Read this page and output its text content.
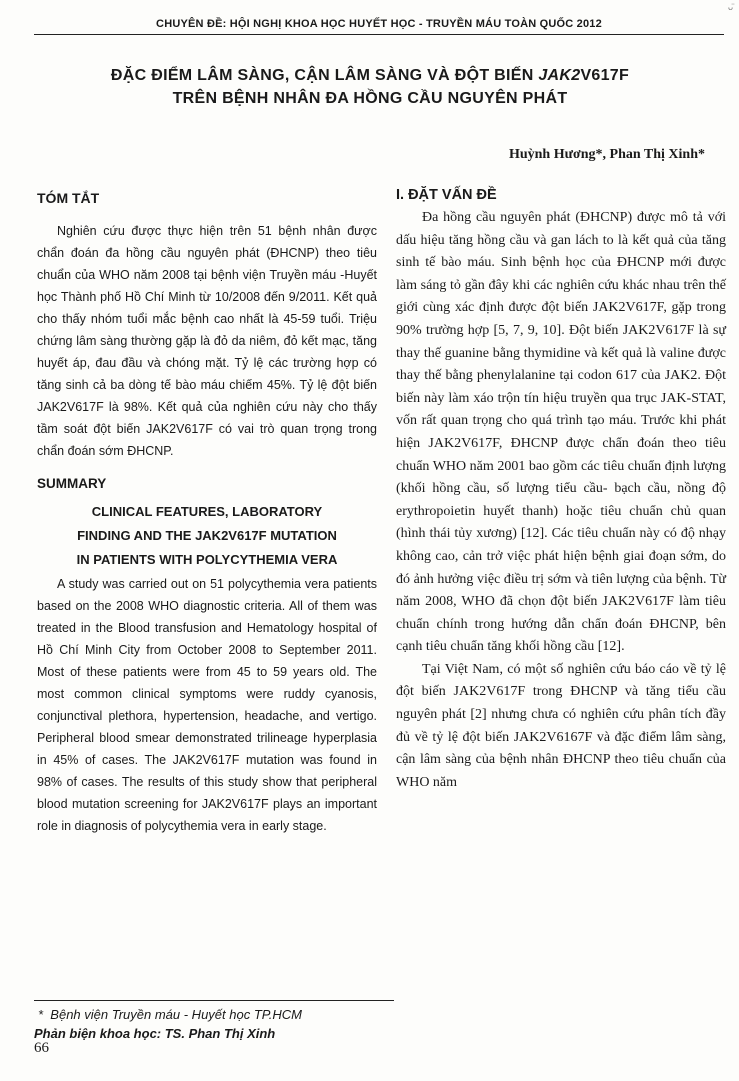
ᴗ̈
CHUYÊN ĐỀ: HỘI NGHỊ KHOA HỌC HUYẾT HỌC - TRUYỀN MÁU TOÀN QUỐC 2012
ĐẶC ĐIỂM LÂM SÀNG, CẬN LÂM SÀNG VÀ ĐỘT BIẾN JAK2V617F
TRÊN BỆNH NHÂN ĐA HỒNG CẦU NGUYÊN PHÁT
Huỳnh Hương*, Phan Thị Xinh*
TÓM TẮT

Nghiên cứu được thực hiện trên 51 bệnh nhân được chẩn đoán đa hồng cầu nguyên phát (ĐHCNP) theo tiêu chuẩn của WHO năm 2008 tại bệnh viện Truyền máu -Huyết học Thành phố Hồ Chí Minh từ 10/2008 đến 9/2011. Kết quả cho thấy nhóm tuổi mắc bệnh cao nhất là 45-59 tuổi. Triệu chứng lâm sàng thường gặp là đỏ da niêm, đỏ kết mạc, tăng huyết áp, đau đầu và chóng mặt. Tỷ lệ các trường hợp có tăng sinh cả ba dòng tế bào máu chiếm 45%. Tỷ lệ đột biến JAK2V617F là 98%. Kết quả của nghiên cứu này cho thấy tầm soát đột biến JAK2V617F có vai trò quan trọng trong chẩn đoán sớm ĐHCNP.

SUMMARY
CLINICAL FEATURES, LABORATORY
FINDING AND THE JAK2V617F MUTATION
IN PATIENTS WITH POLYCYTHEMIA VERA

A study was carried out on 51 polycythemia vera patients based on the 2008 WHO diagnostic criteria. All of them was treated in the Blood transfusion and Hematology hospital of Hồ Chí Minh City from October 2008 to September 2011. Most of these patients were from 45 to 59 years old. The most common clinical symptoms were ruddy cyanosis, conjunctival plethora, hypertension, headache, and vertigo. Peripheral blood smear demonstrated trilineage hyperplasia in 45% of cases. The JAK2V617F mutation was found in 98% of cases. The results of this study show that peripheral blood mutation screening for JAK2V617F plays an important role in diagnosis of polycythemia vera in early stage.

I. ĐẶT VẤN ĐỀ

Đa hồng cầu nguyên phát (ĐHCNP) được mô tả với dấu hiệu tăng hồng cầu và gan lách to là kết quả của tăng sinh tế bào máu. Sinh bệnh học của ĐHCNP mới được làm sáng tỏ gần đây khi các nghiên cứu khác nhau trên thế giới cùng xác định được đột biến JAK2V617F, gặp trong 90% trường hợp [5, 7, 9, 10]. Đột biến JAK2V617F là sự thay thế guanine bằng thymidine và kết quả là valine được thay thế bằng phenylalanine tại codon 617 của JAK2. Đột biến này làm xáo trộn tín hiệu truyền qua trục JAK-STAT, vốn rất quan trọng cho quá trình tạo máu. Trước khi phát hiện JAK2V617F, ĐHCNP được chẩn đoán theo tiêu chuẩn WHO năm 2001 bao gồm các tiêu chuẩn định lượng (khối hồng cầu, số lượng tiểu cầu- bạch cầu, nồng độ erythropoietin huyết thanh) hoặc tiêu chuẩn chủ quan (hình thái tủy xương) [12]. Các tiêu chuẩn này có độ nhạy không cao, cản trở việc phát hiện bệnh giai đoạn sớm, do đó ảnh hưởng việc điều trị sớm và tiên lượng của bệnh. Từ năm 2008, WHO đã chọn đột biến JAK2V617F làm tiêu chuẩn chính trong hướng dẫn chẩn đoán ĐHCNP, bên cạnh tiêu chuẩn tăng khối hồng cầu [12].

Tại Việt Nam, có một số nghiên cứu báo cáo về tỷ lệ đột biến JAK2V617F trong ĐHCNP và tăng tiểu cầu nguyên phát [2] nhưng chưa có nghiên cứu phân tích đầy đủ về tỷ lệ đột biến JAK2V6167F và đặc điểm lâm sàng, cận lâm sàng của bệnh nhân ĐHCNP theo tiêu chuẩn của WHO năm

* Bệnh viện Truyền máu - Huyết học TP.HCM
Phản biện khoa học: TS. Phan Thị Xinh
66
